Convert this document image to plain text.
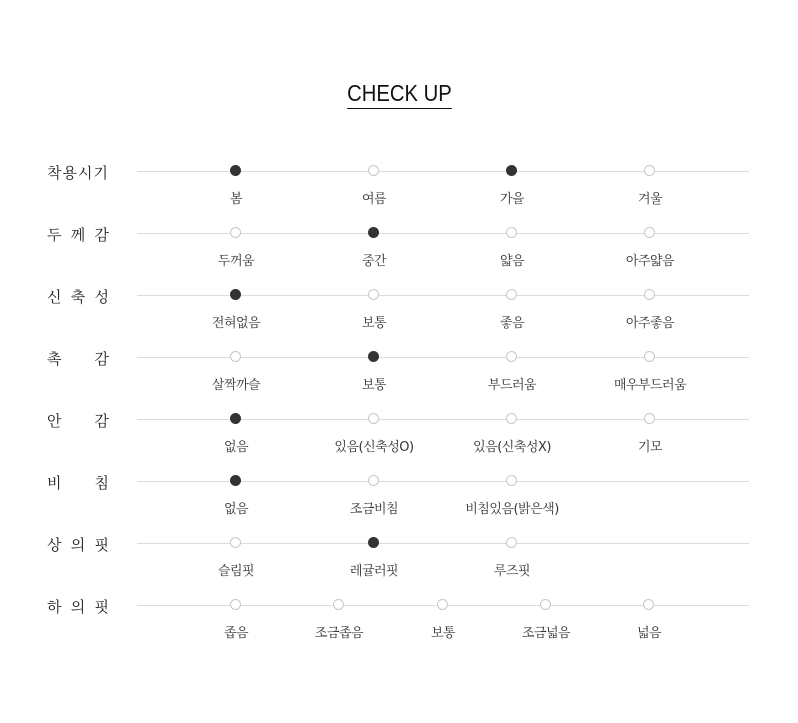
CHECK UP
착용시기
봄	여름	가을	겨울
두 께 감
두꺼움	중간	얇음	아주얇음
신 축 성
전혀없음	보통	좋음	아주좋음
촉 감
살짝까슬	보통	부드러움	매우부드러움
안 감
없음	있음(신축성O)	있음(신축성X)	기모
비 침
없음	조금비침	비침있음(밝은색)
상 의 핏
슬림핏	레귤러핏	루즈핏
하 의 핏
좁음	조금좁음	보통	조금넓음	넓음
